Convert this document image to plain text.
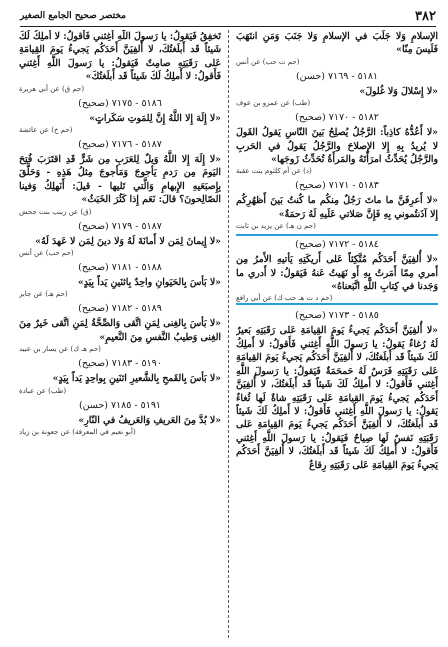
٣٨٢
مختصر صحيح الجامع الصغير
الإسلامِ وَلا جَلَبَ في الإسلامِ وَلا جَنَبَ وَمَنِ انتَهَبَ فَلَيسَ مِنّا»
(حم ت حب) عن أنس
٥١٨١ - ٧١٦٩ (حسن)
«لا إِسْلالَ وَلا غُلولَ»
(طب) عن عمرو بن عوف
٥١٨٢ - ٧١٧٠ (صحيح)
«لا أَعُدُّهُ كاذِباً: الرَّجُلُ يُصلِحُ بَينَ النّاسِ يَقولُ القَولَ لا يُريدُ بِهِ إِلا الإِصلاحَ والرَّجُلُ يَقولُ في الحَربِ والرَّجُلُ يُحَدِّثُ امرَأَتَهُ والمَرأَةُ تُحَدِّثُ زَوجَها»
(د) عن أم كلثوم بنت عقبة
٥١٨٣ - ٧١٧١ (صحيح)
«لا أَعرِفَنَّ ما ماتَ رَجُلٌ مِنكُم ما كُنتُ بَينَ أَظهُرِكُم إِلا آذَنتُموني بِهِ فَإِنَّ صَلاتي عَلَيهِ لَهُ رَحمَةٌ»
(حم ن هـ) عن يزيد بن ثابت
٥١٨٤ - ٧١٧٢ (صحيح)
«لا أُلفِيَنَّ أَحَدَكُم مُتَّكِئاً عَلى أَريكَتِهِ يَأتيهِ الأَمرُ مِن أَمري مِمّا أَمَرتُ بِهِ أَو نَهَيتُ عَنهُ فَيَقولُ: لا أَدري ما وَجَدنا في كِتابِ اللَّهِ اتَّبَعناهُ»
(حم د ت هـ حب ك) عن أبي رافع
٥١٨٥ - ٧١٧٣ (صحيح)
«لا أُلفِيَنَّ أَحَدَكُم يَجيءُ يَومَ القِيامَةِ عَلى رَقَبَتِهِ بَعيرٌ لَهُ رُغاءٌ يَقولُ: يا رَسولَ اللَّهِ أَغِثني فَأَقولُ: لا أَملِكُ لَكَ شَيئاً قَد أَبلَغتُكَ، لا أُلفِيَنَّ أَحَدَكُم يَجيءُ يَومَ القِيامَةِ عَلى رَقَبَتِهِ فَرَسٌ لَهُ حَمحَمَةٌ فَيَقولُ: يا رَسولَ اللَّهِ أَغِثني فَأَقولُ: لا أَملِكُ لَكَ شَيئاً قَد أَبلَغتُكَ، لا أُلفِيَنَّ أَحَدَكُم يَجيءُ يَومَ القِيامَةِ عَلى رَقَبَتِهِ شاةٌ لَها ثُغاءٌ يَقولُ: يا رَسولَ اللَّهِ أَغِثني فَأَقولُ: لا أَملِكُ لَكَ شَيئاً قَد أَبلَغتُكَ، لا أُلفِيَنَّ أَحَدَكُم يَجيءُ يَومَ القِيامَةِ عَلى رَقَبَتِهِ نَفسٌ لَها صِياحٌ فَيَقولُ: يا رَسولَ اللَّهِ أَغِثني فَأَقولُ: لا أَملِكُ لَكَ شَيئاً قَد أَبلَغتُكَ، لا أُلفِيَنَّ أَحَدَكُم يَجيءُ يَومَ القِيامَةِ عَلى رَقَبَتِهِ رِقاعٌ
تَخفِقُ فَيَقولُ: يا رَسولَ اللَّهِ أَغِثني فَأَقولُ: لا أَملِكُ لَكَ شَيئاً قَد أَبلَغتُكَ، لا أُلفِيَنَّ أَحَدَكُم يَجيءُ يَومَ القِيامَةِ عَلى رَقَبَتِهِ صامِتٌ فَيَقولُ: يا رَسولَ اللَّهِ أَغِثني فَأَقولُ: لا أَملِكُ لَكَ شَيئاً قَد أَبلَغتُكَ»
(حم ق) عن أبي هريرة
٥١٨٦ - ٧١٧٥ (صحيح)
«لا إِلَهَ إِلا اللَّهُ إِنَّ لِلمَوتِ سَكَراتٍ»
(حم خ) عن عائشة
٥١٨٧ - ٧١٧٦ (صحيح)
«لا إِلَهَ إِلا اللَّهُ وَيلٌ لِلعَرَبِ مِن شَرٍّ قَدِ اقتَرَبَ فُتِحَ اليَومَ مِن رَدمِ يَأجوجَ وَمَأجوجَ مِثلُ هَذِهِ - وَحَلَّقَ بِإِصبَعَيهِ الإِبهامِ وَالَّتي تَليها - قيلَ: أَنَهلِكُ وَفينا الصّالِحونَ؟ قالَ: نَعَم إِذا كَثُرَ الخَبَثُ»
(ق) عن زينب بنت جحش
٥١٨٧ - ٧١٧٩ (صحيح)
«لا إِيمانَ لِمَن لا أَمانَةَ لَهُ وَلا دينَ لِمَن لا عَهدَ لَهُ»
(حم حب) عن أنس
٥١٨٨ - ٧١٨١ (صحيح)
«لا بَأسَ بِالحَيَوانِ واحِدٌ بِاثنَينِ يَداً بِيَدٍ»
(حم هـ) عن جابر
٥١٨٩ - ٧١٨٢ (صحيح)
«لا بَأسَ بِالغِنى لِمَنِ اتَّقى وَالصِّحَّةُ لِمَنِ اتَّقى خَيرٌ مِنَ الغِنى وَطيبُ النَّفسِ مِنَ النَّعيمِ»
(حم هـ ك) عن يسار بن عبيد
٥١٩٠ - ٧١٨٣ (صحيح)
«لا بَأسَ بِالقَمحِ بِالشَّعيرِ اثنَينِ بِواحِدٍ يَداً بِيَدٍ»
(طب) عن عبادة
٥١٩١ - ٧١٨٥ (حسن)
«لا بُدَّ مِنَ العَريفِ وَالعَريفُ في النّارِ»
(أبو نعيم في المعرفة) عن جعونة بن زياد
